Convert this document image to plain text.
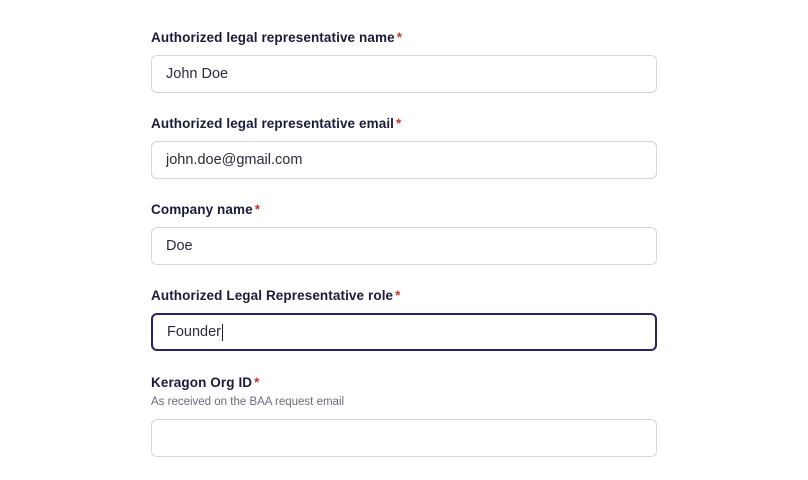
Authorized legal representative name *
John Doe
Authorized legal representative email *
john.doe@gmail.com
Company name *
Doe
Authorized Legal Representative role *
Founder
Keragon Org ID *
As received on the BAA request email
